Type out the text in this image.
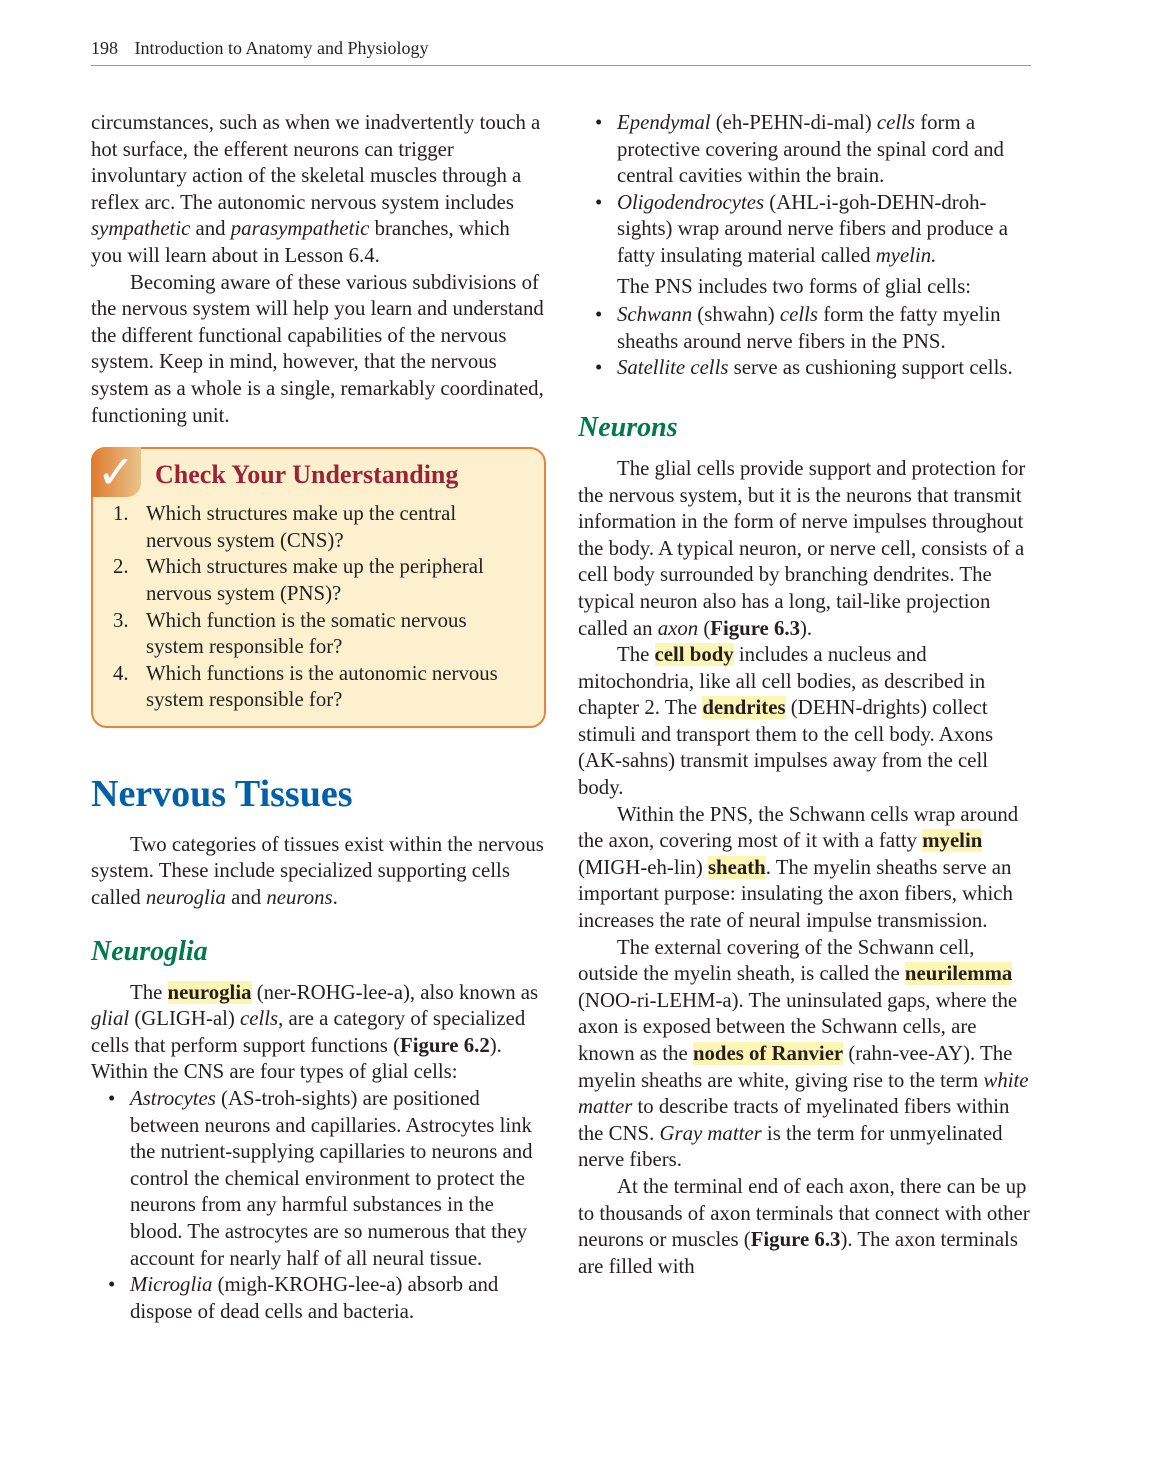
198 Introduction to Anatomy and Physiology

circumstances, such as when we inadvertently touch a hot surface, the efferent neurons can trigger involuntary action of the skeletal muscles through a reflex arc. The autonomic nervous system includes sympathetic and parasympathetic branches, which you will learn about in Lesson 6.4.

Becoming aware of these various subdivisions of the nervous system will help you learn and understand the different functional capabilities of the nervous system. Keep in mind, however, that the nervous system as a whole is a single, remarkably coordinated, functioning unit.

✓ Check Your Understanding
1. Which structures make up the central nervous system (CNS)?
2. Which structures make up the peripheral nervous system (PNS)?
3. Which function is the somatic nervous system responsible for?
4. Which functions is the autonomic nervous system responsible for?
Nervous Tissues

Two categories of tissues exist within the nervous system. These include specialized supporting cells called neuroglia and neurons.

Neuroglia

The neuroglia (ner-ROHG-lee-a), also known as glial (GLIGH-al) cells, are a category of specialized cells that perform support functions (Figure 6.2). Within the CNS are four types of glial cells:

• Astrocytes (AS-troh-sights) are positioned between neurons and capillaries. Astrocytes link the nutrient-supplying capillaries to neurons and control the chemical environment to protect the neurons from any harmful substances in the blood. The astrocytes are so numerous that they account for nearly half of all neural tissue.
• Microglia (migh-KROHG-lee-a) absorb and dispose of dead cells and bacteria.
• Ependymal (eh-PEHN-di-mal) cells form a protective covering around the spinal cord and central cavities within the brain.
• Oligodendrocytes (AHL-i-goh-DEHN-droh-sights) wrap around nerve fibers and produce a fatty insulating material called myelin.

The PNS includes two forms of glial cells:

• Schwann (shwahn) cells form the fatty myelin sheaths around nerve fibers in the PNS.
• Satellite cells serve as cushioning support cells.
Neurons

The glial cells provide support and protection for the nervous system, but it is the neurons that transmit information in the form of nerve impulses throughout the body. A typical neuron, or nerve cell, consists of a cell body surrounded by branching dendrites. The typical neuron also has a long, tail-like projection called an axon (Figure 6.3).

The cell body includes a nucleus and mitochondria, like all cell bodies, as described in chapter 2. The dendrites (DEHN-drights) collect stimuli and transport them to the cell body. Axons (AK-sahns) transmit impulses away from the cell body.

Within the PNS, the Schwann cells wrap around the axon, covering most of it with a fatty myelin (MIGH-eh-lin) sheath. The myelin sheaths serve an important purpose: insulating the axon fibers, which increases the rate of neural impulse transmission.

The external covering of the Schwann cell, outside the myelin sheath, is called the neurilemma (NOO-ri-LEHM-a). The uninsulated gaps, where the axon is exposed between the Schwann cells, are known as the nodes of Ranvier (rahn-vee-AY). The myelin sheaths are white, giving rise to the term white matter to describe tracts of myelinated fibers within the CNS. Gray matter is the term for unmyelinated nerve fibers.

At the terminal end of each axon, there can be up to thousands of axon terminals that connect with other neurons or muscles (Figure 6.3). The axon terminals are filled with
